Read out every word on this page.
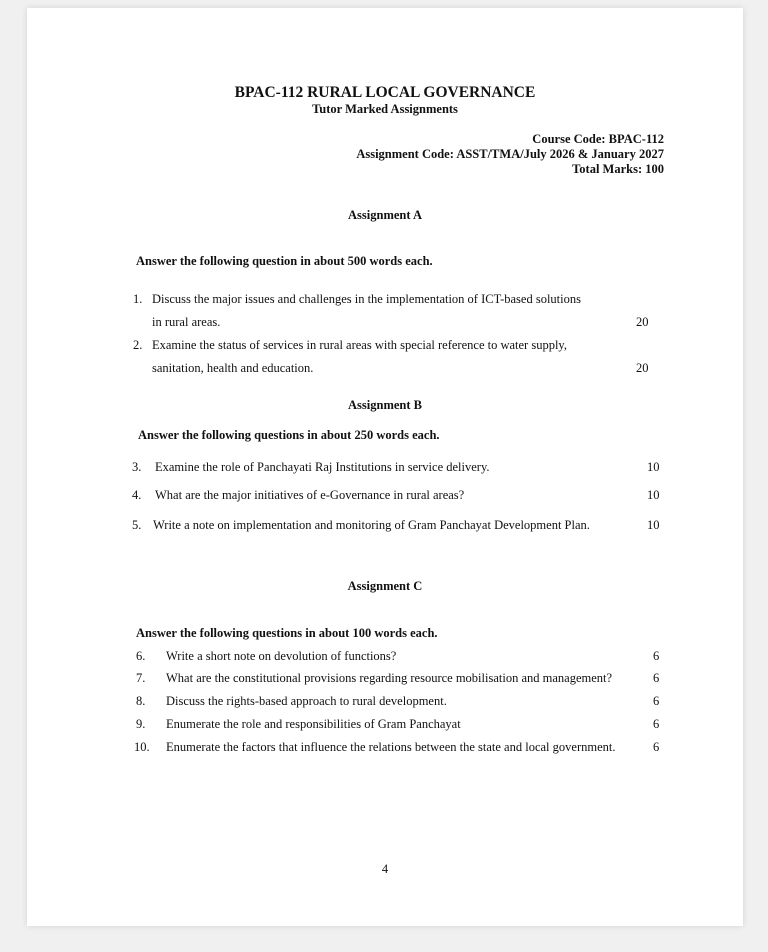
BPAC-112 RURAL LOCAL GOVERNANCE
Tutor Marked Assignments
Course Code: BPAC-112
Assignment Code: ASST/TMA/July 2026 & January 2027
Total Marks: 100
Assignment A
Answer the following question in about 500 words each.
1. Discuss the major issues and challenges in the implementation of ICT-based solutions
in rural areas.	20
2. Examine the status of services in rural areas with special reference to water supply,
sanitation, health and education.	20
Assignment B
Answer the following questions in about 250 words each.
3. Examine the role of Panchayati Raj Institutions in service delivery.	10
4. What are the major initiatives of e-Governance in rural areas?	10
5. Write a note on implementation and monitoring of Gram Panchayat Development Plan.	10
Assignment C
Answer the following questions in about 100 words each.
6. Write a short note on devolution of functions?	6
7. What are the constitutional provisions regarding resource mobilisation and management?	6
8. Discuss the rights-based approach to rural development.	6
9. Enumerate the role and responsibilities of Gram Panchayat	6
10. Enumerate the factors that influence the relations between the state and local government.	6
4
